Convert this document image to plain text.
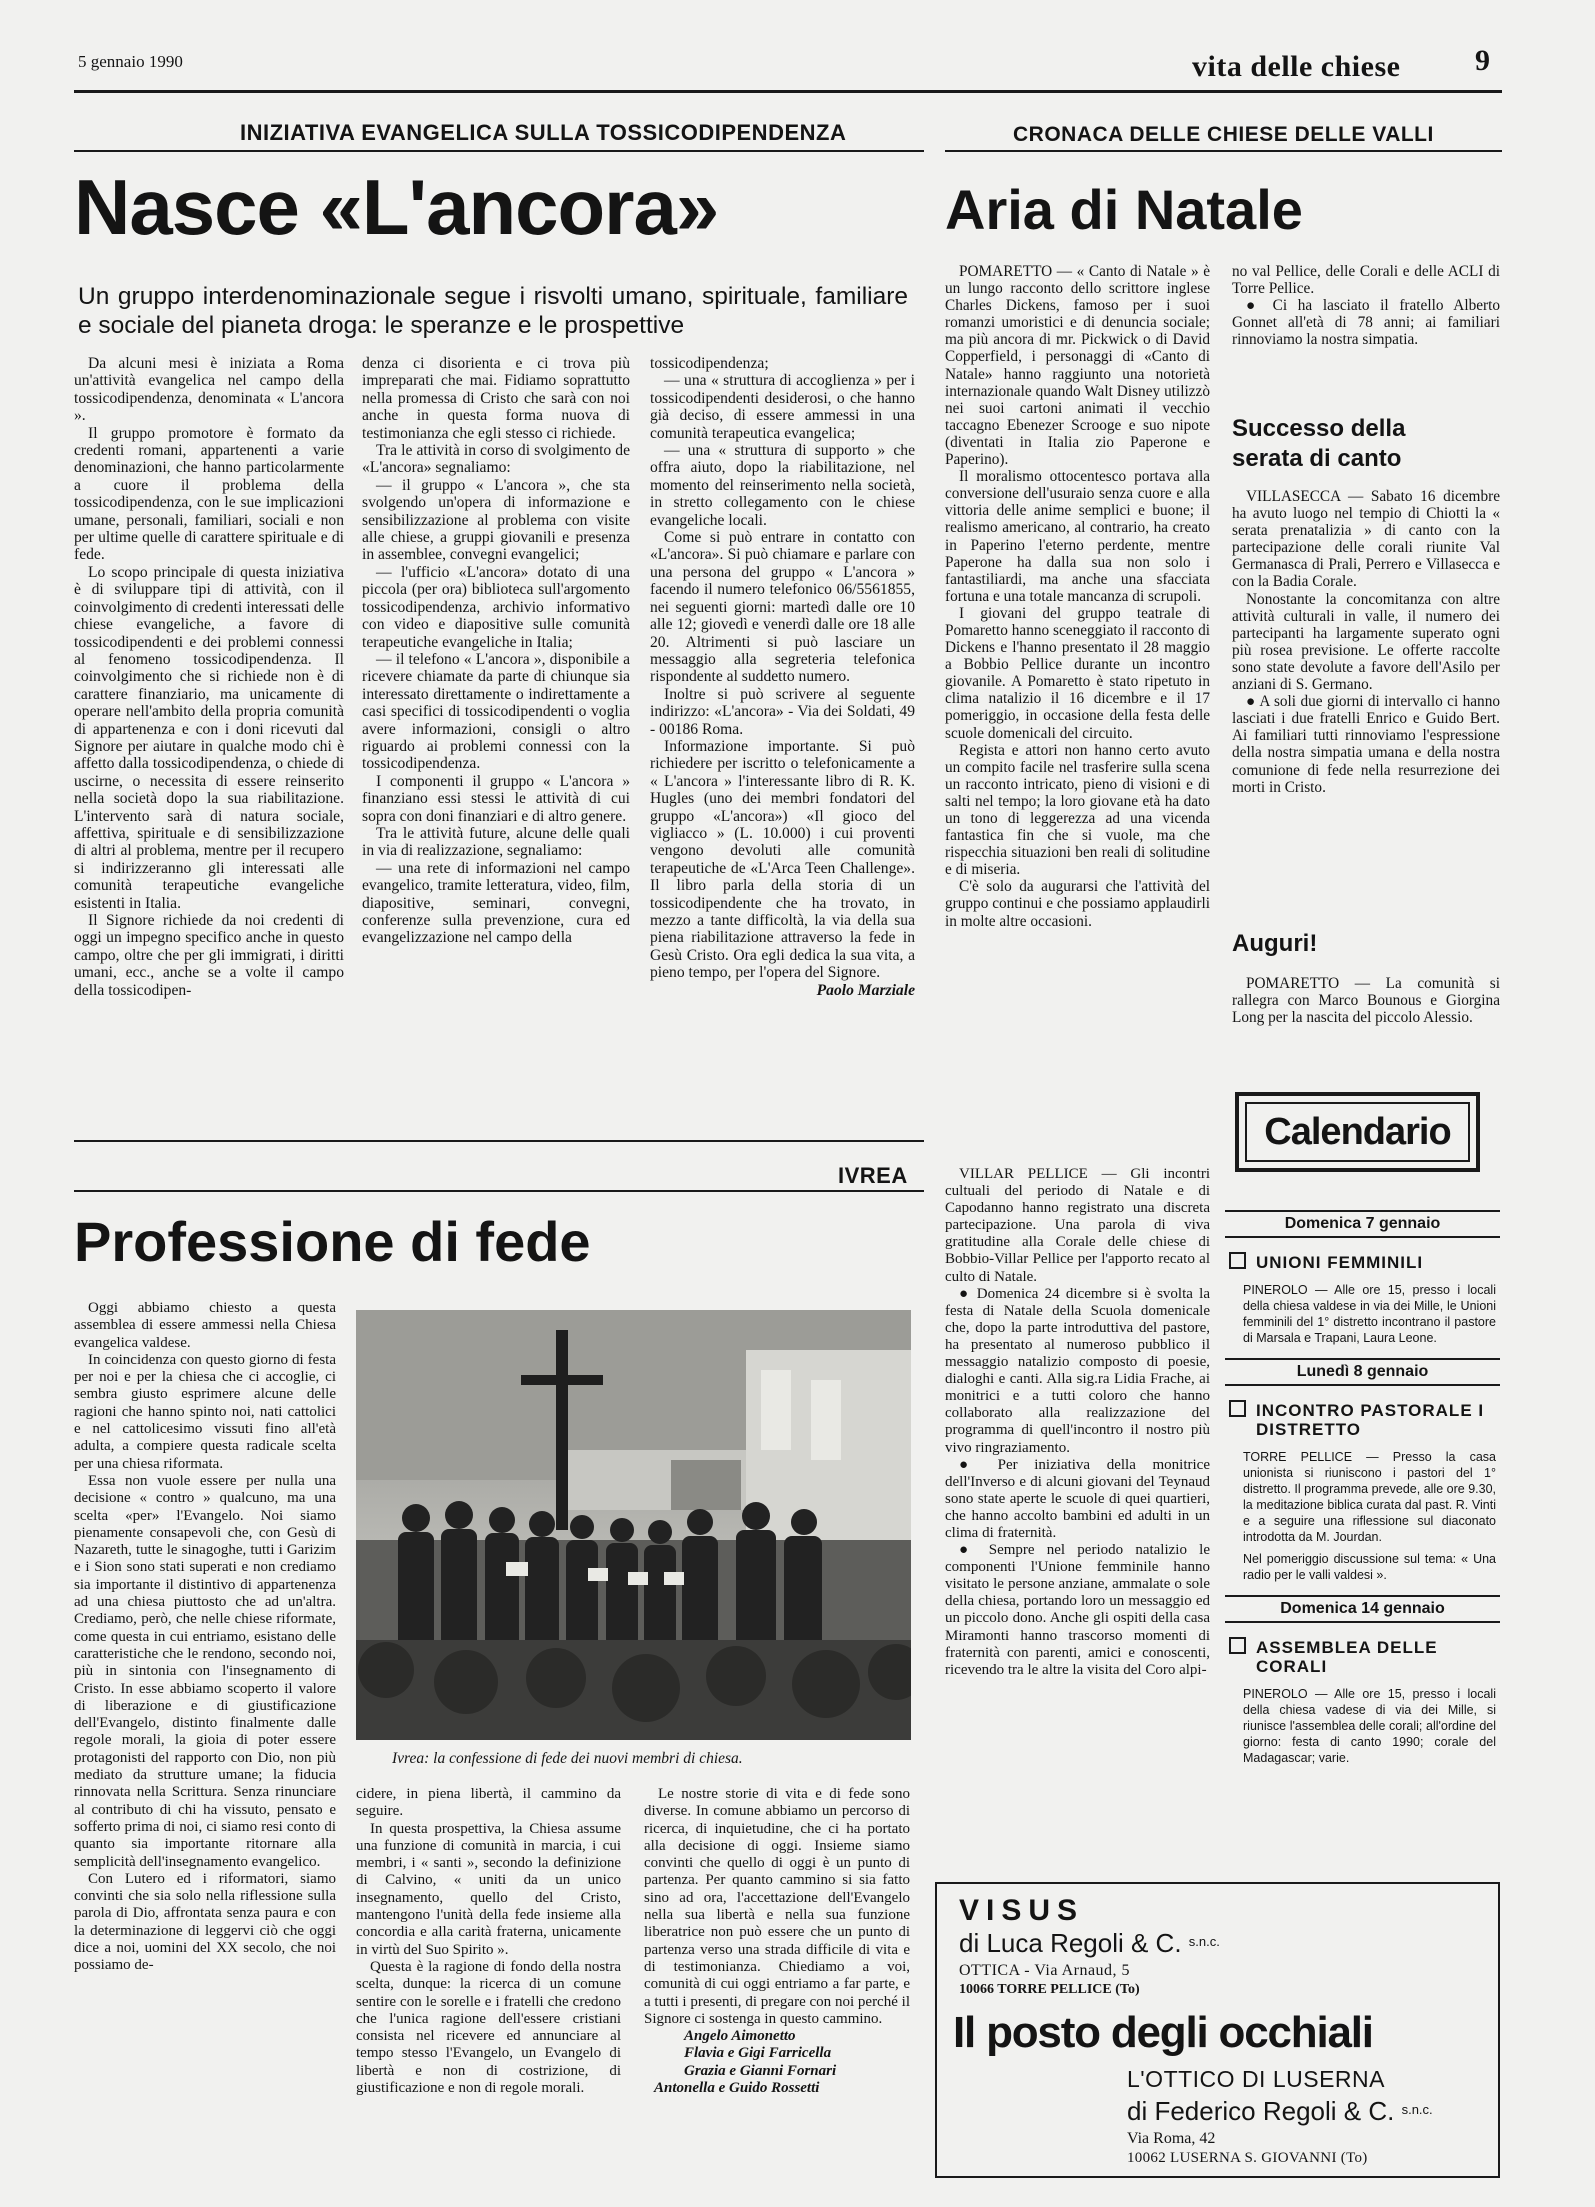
5 gennaio 1990	vita delle chiese 9
INIZIATIVA EVANGELICA SULLA TOSSICODIPENDENZA
Nasce «L'ancora»
Un gruppo interdenominazionale segue i risvolti umano, spirituale, familiare e sociale del pianeta droga: le speranze e le prospettive

Da alcuni mesi è iniziata a Roma un'attività evangelica nel campo della tossicodipendenza, denominata « L'ancora ».

Il gruppo promotore è formato da credenti romani, appartenenti a varie denominazioni, che hanno particolarmente a cuore il problema della tossicodipendenza, con le sue implicazioni umane, personali, familiari, sociali e non per ultime quelle di carattere spirituale e di fede.

Lo scopo principale di questa iniziativa è di sviluppare tipi di attività, con il coinvolgimento di credenti interessati delle chiese evangeliche, a favore di tossicodipendenti e dei problemi connessi al fenomeno tossicodipendenza. Il coinvolgimento che si richiede non è di carattere finanziario, ma unicamente di operare nell'ambito della propria comunità di appartenenza e con i doni ricevuti dal Signore per aiutare in qualche modo chi è affetto dalla tossicodipendenza, o chiede di uscirne, o necessita di essere reinserito nella società dopo la sua riabilitazione. L'intervento sarà di natura sociale, affettiva, spirituale e di sensibilizzazione di altri al problema, mentre per il recupero si indirizzeranno gli interessati alle comunità terapeutiche evangeliche esistenti in Italia.

Il Signore richiede da noi credenti di oggi un impegno specifico anche in questo campo, oltre che per gli immigrati, i diritti umani, ecc., anche se a volte il campo della tossicodipen-

denza ci disorienta e ci trova più impreparati che mai. Fidiamo soprattutto nella promessa di Cristo che sarà con noi anche in questa forma nuova di testimonianza che egli stesso ci richiede.

Tra le attività in corso di svolgimento de «L'ancora» segnaliamo:

— il gruppo « L'ancora », che sta svolgendo un'opera di informazione e sensibilizzazione al problema con visite alle chiese, a gruppi giovanili e presenza in assemblee, convegni evangelici;

— l'ufficio «L'ancora» dotato di una piccola (per ora) biblioteca sull'argomento tossicodipendenza, archivio informativo con video e diapositive sulle comunità terapeutiche evangeliche in Italia;

— il telefono « L'ancora », disponibile a ricevere chiamate da parte di chiunque sia interessato direttamente o indirettamente a casi specifici di tossicodipendenti o voglia avere informazioni, consigli o altro riguardo ai problemi connessi con la tossicodipendenza.

I componenti il gruppo « L'ancora » finanziano essi stessi le attività di cui sopra con doni finanziari e di altro genere.

Tra le attività future, alcune delle quali in via di realizzazione, segnaliamo:

— una rete di informazioni nel campo evangelico, tramite letteratura, video, film, diapositive, seminari, convegni, conferenze sulla prevenzione, cura ed evangelizzazione nel campo della

tossicodipendenza;

— una « struttura di accoglienza » per i tossicodipendenti desiderosi, o che hanno già deciso, di essere ammessi in una comunità terapeutica evangelica;

— una « struttura di supporto » che offra aiuto, dopo la riabilitazione, nel momento del reinserimento nella società, in stretto collegamento con le chiese evangeliche locali.

Come si può entrare in contatto con «L'ancora». Si può chiamare e parlare con una persona del gruppo « L'ancora » facendo il numero telefonico 06/5561855, nei seguenti giorni: martedì dalle ore 10 alle 12; giovedì e venerdì dalle ore 18 alle 20. Altrimenti si può lasciare un messaggio alla segreteria telefonica rispondente al suddetto numero.

Inoltre si può scrivere al seguente indirizzo: «L'ancora» - Via dei Soldati, 49 - 00186 Roma.

Informazione importante. Si può richiedere per iscritto o telefonicamente a « L'ancora » l'interessante libro di R. K. Hugles (uno dei membri fondatori del gruppo «L'ancora») «Il gioco del vigliacco » (L. 10.000) i cui proventi vengono devoluti alle comunità terapeutiche de «L'Arca Teen Challenge». Il libro parla della storia di un tossicodipendente che ha trovato, in mezzo a tante difficoltà, la via della sua piena riabilitazione attraverso la fede in Gesù Cristo. Ora egli dedica la sua vita, a pieno tempo, per l'opera del Signore.

Paolo Marziale

IVREA
Professione di fede

Oggi abbiamo chiesto a questa assemblea di essere ammessi nella Chiesa evangelica valdese.

In coincidenza con questo giorno di festa per noi e per la chiesa che ci accoglie, ci sembra giusto esprimere alcune delle ragioni che hanno spinto noi, nati cattolici e nel cattolicesimo vissuti fino all'età adulta, a compiere questa radicale scelta per una chiesa riformata.

Essa non vuole essere per nulla una decisione « contro » qualcuno, ma una scelta «per» l'Evangelo. Noi siamo pienamente consapevoli che, con Gesù di Nazareth, tutte le sinagoghe, tutti i Garizim e i Sion sono stati superati e non crediamo sia importante il distintivo di appartenenza ad una chiesa piuttosto che ad un'altra. Crediamo, però, che nelle chiese riformate, come questa in cui entriamo, esistano delle caratteristiche che le rendono, secondo noi, più in sintonia con l'insegnamento di Cristo. In esse abbiamo scoperto il valore di liberazione e di giustificazione dell'Evangelo, distinto finalmente dalle regole morali, la gioia di poter essere protagonisti del rapporto con Dio, non più mediato da strutture umane; la fiducia rinnovata nella Scrittura. Senza rinunciare al contributo di chi ha vissuto, pensato e sofferto prima di noi, ci siamo resi conto di quanto sia importante ritornare alla semplicità dell'insegnamento evangelico.

Con Lutero ed i riformatori, siamo convinti che sia solo nella riflessione sulla parola di Dio, affrontata senza paura e con la determinazione di leggervi ciò che oggi dice a noi, uomini del XX secolo, che noi possiamo de-

Ivrea: la confessione di fede dei nuovi membri di chiesa.

cidere, in piena libertà, il cammino da seguire.

In questa prospettiva, la Chiesa assume una funzione di comunità in marcia, i cui membri, i « santi », secondo la definizione di Calvino, « uniti da un unico insegnamento, quello del Cristo, mantengono l'unità della fede insieme alla concordia e alla carità fraterna, unicamente in virtù del Suo Spirito ».

Questa è la ragione di fondo della nostra scelta, dunque: la ricerca di un comune sentire con le sorelle e i fratelli che credono che l'unica ragione dell'essere cristiani consista nel ricevere ed annunciare al tempo stesso l'Evangelo, un Evangelo di libertà e non di costrizione, di giustificazione e non di regole morali.

Le nostre storie di vita e di fede sono diverse. In comune abbiamo un percorso di ricerca, di inquietudine, che ci ha portato alla decisione di oggi. Insieme siamo convinti che quello di oggi è un punto di partenza. Per quanto cammino si sia fatto sino ad ora, l'accettazione dell'Evangelo nella sua libertà e nella sua funzione liberatrice non può essere che un punto di partenza verso una strada difficile di vita e di testimonianza. Chiediamo a voi, comunità di cui oggi entriamo a far parte, e a tutti i presenti, di pregare con noi perché il Signore ci sostenga in questo cammino.

Angelo Aimonetto

Flavia e Gigi Farricella

Grazia e Gianni Fornari

Antonella e Guido Rossetti

CRONACA DELLE CHIESE DELLE VALLI
Aria di Natale

POMARETTO — « Canto di Natale » è un lungo racconto dello scrittore inglese Charles Dickens, famoso per i suoi romanzi umoristici e di denuncia sociale; ma più ancora di mr. Pickwick o di David Copperfield, i personaggi di «Canto di Natale» hanno raggiunto una notorietà internazionale quando Walt Disney utilizzò nei suoi cartoni animati il vecchio taccagno Ebenezer Scrooge e suo nipote (diventati in Italia zio Paperone e Paperino).

Il moralismo ottocentesco portava alla conversione dell'usuraio senza cuore e alla vittoria delle anime semplici e buone; il realismo americano, al contrario, ha creato in Paperino l'eterno perdente, mentre Paperone ha dalla sua non solo i fantastiliardi, ma anche una sfacciata fortuna e una totale mancanza di scrupoli.

I giovani del gruppo teatrale di Pomaretto hanno sceneggiato il racconto di Dickens e l'hanno presentato il 28 maggio a Bobbio Pellice durante un incontro giovanile. A Pomaretto è stato ripetuto in clima natalizio il 16 dicembre e il 17 pomeriggio, in occasione della festa delle scuole domenicali del circuito.

Regista e attori non hanno certo avuto un compito facile nel trasferire sulla scena un racconto intricato, pieno di visioni e di salti nel tempo; la loro giovane età ha dato un tono di leggerezza ad una vicenda fantastica fin che si vuole, ma che rispecchia situazioni ben reali di solitudine e di miseria.

C'è solo da augurarsi che l'attività del gruppo continui e che possiamo applaudirli in molte altre occasioni.

no val Pellice, delle Corali e delle ACLI di Torre Pellice.

● Ci ha lasciato il fratello Alberto Gonnet all'età di 78 anni; ai familiari rinnoviamo la nostra simpatia.

Successo della serata di canto

VILLASECCA — Sabato 16 dicembre ha avuto luogo nel tempio di Chiotti la « serata prenatalizia » di canto con la partecipazione delle corali riunite Val Germanasca di Prali, Perrero e Villasecca e con la Badia Corale.

Nonostante la concomitanza con altre attività culturali in valle, il numero dei partecipanti ha largamente superato ogni più rosea previsione. Le offerte raccolte sono state devolute a favore dell'Asilo per anziani di S. Germano.

● A soli due giorni di intervallo ci hanno lasciati i due fratelli Enrico e Guido Bert. Ai familiari tutti rinnoviamo l'espressione della nostra simpatia umana e della nostra comunione di fede nella resurrezione dei morti in Cristo.

Auguri!

POMARETTO — La comunità si rallegra con Marco Bounous e Giorgina Long per la nascita del piccolo Alessio.

VILLAR PELLICE — Gli incontri cultuali del periodo di Natale e di Capodanno hanno registrato una discreta partecipazione. Una parola di viva gratitudine alla Corale delle chiese di Bobbio-Villar Pellice per l'apporto recato al culto di Natale.

● Domenica 24 dicembre si è svolta la festa di Natale della Scuola domenicale che, dopo la parte introduttiva del pastore, ha presentato al numeroso pubblico il messaggio natalizio composto di poesie, dialoghi e canti. Alla sig.ra Lidia Frache, ai monitrici e a tutti coloro che hanno collaborato alla realizzazione del programma di quell'incontro il nostro più vivo ringraziamento.

● Per iniziativa della monitrice dell'Inverso e di alcuni giovani del Teynaud sono state aperte le scuole di quei quartieri, che hanno accolto bambini ed adulti in un clima di fraternità.

● Sempre nel periodo natalizio le componenti l'Unione femminile hanno visitato le persone anziane, ammalate o sole della chiesa, portando loro un messaggio ed un piccolo dono. Anche gli ospiti della casa Miramonti hanno trascorso momenti di fraternità con parenti, amici e conoscenti, ricevendo tra le altre la visita del Coro alpi-

Calendario
Domenica 7 gennaio
UNIONI FEMMINILI
PINEROLO — Alle ore 15, presso i locali della chiesa valdese in via dei Mille, le Unioni femminili del 1° distretto incontrano il pastore di Marsala e Trapani, Laura Leone.
Lunedì 8 gennaio
INCONTRO PASTORALE I DISTRETTO
TORRE PELLICE — Presso la casa unionista si riuniscono i pastori del 1° distretto. Il programma prevede, alle ore 9.30, la meditazione biblica curata dal past. R. Vinti e a seguire una riflessione sul diaconato introdotta da M. Jourdan.
Nel pomeriggio discussione sul tema: « Una radio per le valli valdesi ».
Domenica 14 gennaio
ASSEMBLEA DELLE CORALI
PINEROLO — Alle ore 15, presso i locali della chiesa vadese di via dei Mille, si riunisce l'assemblea delle corali; all'ordine del giorno: festa di canto 1990; corale del Madagascar; varie.
VISUS
di Luca Regoli & C. $^{s.n.c.}$
OTTICA - Via Arnaud, 5
10066 TORRE PELLICE (To)
Il posto degli occhiali
L'OTTICO DI LUSERNA
di Federico Regoli & C. $^{s.n.c.}$
Via Roma, 42
10062 LUSERNA S. GIOVANNI (To)
